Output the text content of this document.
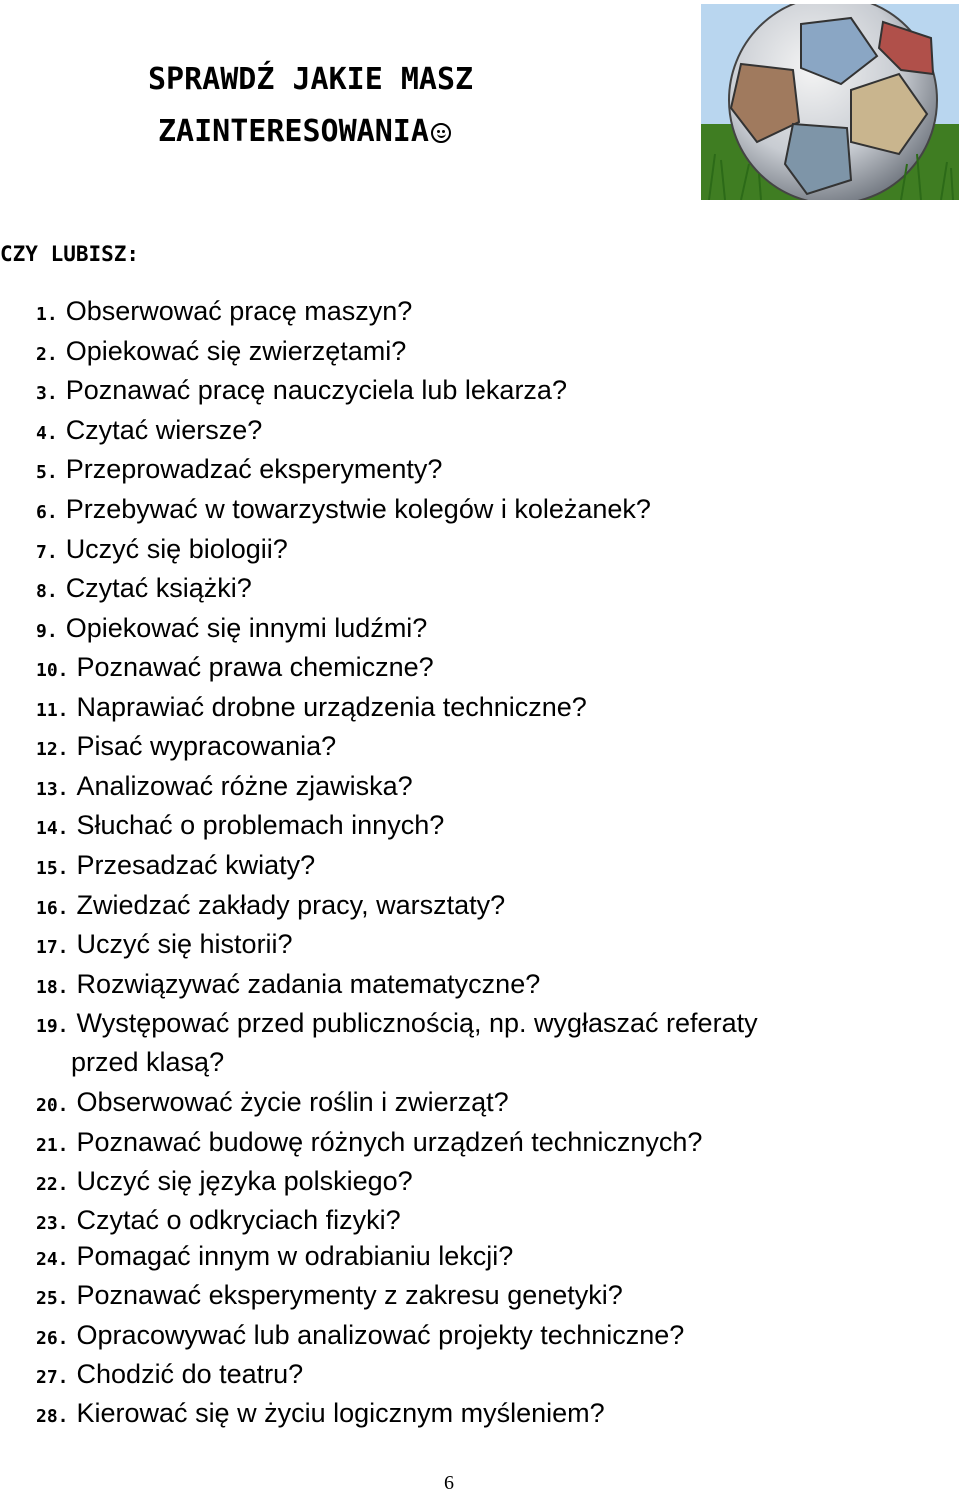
SPRAWDŹ JAKIE MASZ
ZAINTERESOWANIA
CZY LUBISZ:
1. Obserwować pracę maszyn?
2. Opiekować się zwierzętami?
3. Poznawać pracę nauczyciela lub lekarza?
4. Czytać wiersze?
5. Przeprowadzać eksperymenty?
6. Przebywać w towarzystwie kolegów i koleżanek?
7. Uczyć się biologii?
8. Czytać książki?
9. Opiekować się innymi ludźmi?
10. Poznawać prawa chemiczne?
11. Naprawiać drobne urządzenia techniczne?
12. Pisać wypracowania?
13. Analizować różne zjawiska?
14. Słuchać o problemach innych?
15. Przesadzać kwiaty?
16. Zwiedzać zakłady pracy, warsztaty?
17. Uczyć się historii?
18. Rozwiązywać zadania matematyczne?
19. Występować przed publicznością, np. wygłaszać referaty
przed klasą?
20. Obserwować życie roślin i zwierząt?
21. Poznawać budowę różnych urządzeń technicznych?
22. Uczyć się języka polskiego?
23. Czytać o odkryciach fizyki?
24. Pomagać innym w odrabianiu lekcji?
25. Poznawać eksperymenty z zakresu genetyki?
26. Opracowywać lub analizować projekty techniczne?
27. Chodzić do teatru?
28. Kierować się w życiu logicznym myśleniem?
6
